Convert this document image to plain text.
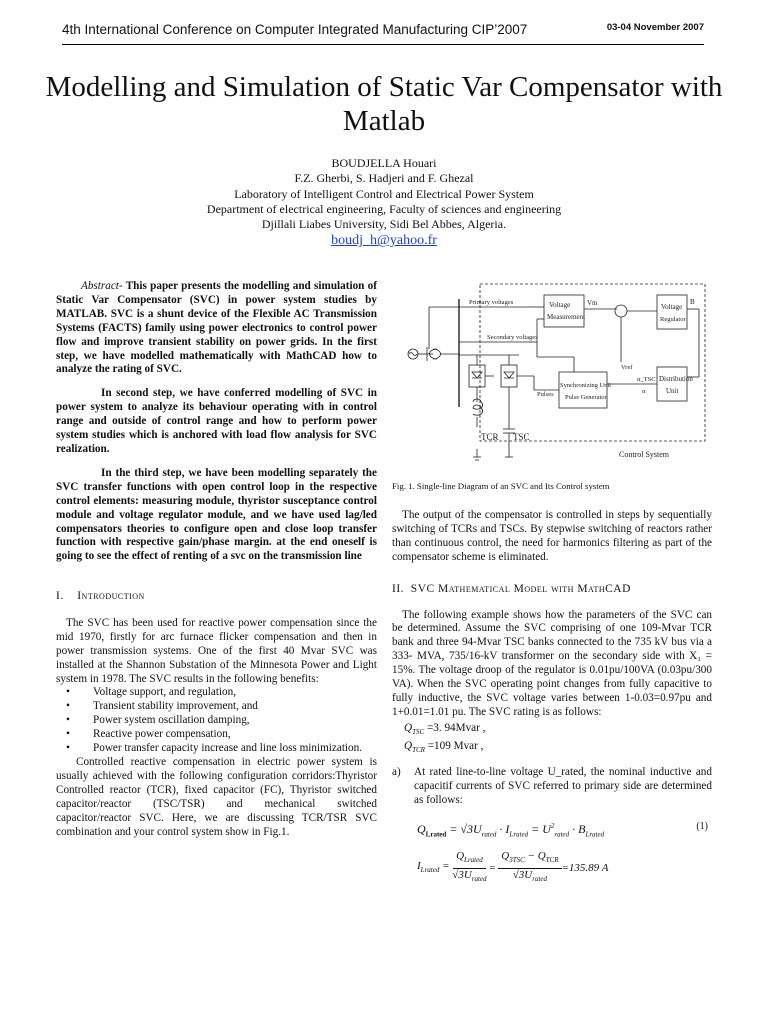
4th International Conference on Computer Integrated Manufacturing CIP’2007	03-04 November 2007
Modelling and Simulation of Static Var Compensator with Matlab
BOUDJELLA Houari
F.Z. Gherbi, S. Hadjeri and F. Ghezal
Laboratory of Intelligent Control and Electrical Power System
Department of electrical engineering, Faculty of sciences and engineering
Djillali Liabes University, Sidi Bel Abbes, Algeria.
boudj_h@yahoo.fr

Abstract- This paper presents the modelling and simulation of Static Var Compensator (SVC) in power system studies by MATLAB. SVC is a shunt device of the Flexible AC Transmission Systems (FACTS) family using power electronics to control power flow and improve transient stability on power grids. In the first step, we have modelled mathematically with MathCAD how to analyze the rating of SVC.

In second step, we have conferred modelling of SVC in power system to analyze its behaviour operating with in control range and outside of control range and how to perform power system studies which is anchored with load flow analysis for SVC realization.

In the third step, we have been modelling separately the SVC transfer functions with open control loop in the respective control elements: measuring module, thyristor susceptance control module and voltage regulator module, and we have used lag/led compensators theories to configure open and close loop transfer function with respective gain/phase margin. at the end oneself is going to see the effect of renting of a svc on the transmission line

I. Introduction

The SVC has been used for reactive power compensation since the mid 1970, firstly for arc furnace flicker compensation and then in power transmission systems. One of the first 40 Mvar SVC was installed at the Shannon Substation of the Minnesota Power and Light system in 1978. The SVC results in the following benefits:

• Voltage support, and regulation,
• Transient stability improvement, and
• Power system oscillation damping,
• Reactive power compensation,
• Power transfer capacity increase and line loss minimization.

Controlled reactive compensation in electric power system is usually achieved with the following configuration corridors:Thyristor Controlled reactor (TCR), fixed capacitor (FC), Thyristor switched capacitor/reactor (TSC/TSR) and mechanical switched capacitor/reactor SVC. Here, we are discussing TCR/TSR SVC combination and your control system show in Fig.1.

Primary voltages
Secondary voltages
Voltage
Measurement
Vm
Vref
Voltage
Regulator
B
Distribution
Unit
α_TSC
α
Synchronizing Unit
Pulse Generator
Pulses
TCR TSC
Control System
Fig. 1. Single-line Diagram of an SVC and Its Control system

The output of the compensator is controlled in steps by sequentially switching of TCRs and TSCs. By stepwise switching of reactors rather than continuous control, the need for harmonics filtering as part of the compensator scheme is eliminated.

II. SVC Mathematical Model with MathCAD

The following example shows how the parameters of the SVC can be determined. Assume the SVC comprising of one 109-Mvar TCR bank and three 94-Mvar TSC banks connected to the 735 kV bus via a 333- MVA, 735/16-kV transformer on the secondary side with X₁ = 15%. The voltage droop of the regulator is 0.01pu/100VA (0.03pu/300 VA). When the SVC operating point changes from fully capacitive to fully inductive, the SVC voltage varies between 1-0.03=0.97pu and 1+0.01=1.01 pu. The SVC rating is as follows:

$Q_{TSC} =3$. 94Mvar ,
$Q_{TCR} =109$ Mvar ,
a) At rated line-to-line voltage U_rated, the nominal inductive and capacitif currents of SVC referred to primary side are determined as follows:

$Q_{Lrated} = √3U_{rated} \cdot I_{Lrated} = U^2_{rated} \cdot B_{Lrated}$
(1)
$I_{Lrated}$ =
$Q_{Lrated}$
$√3U_{rated}$
=
$Q_{3TSC} - Q_{TCR}$
$√3U_{rated}$
=135.89 A
